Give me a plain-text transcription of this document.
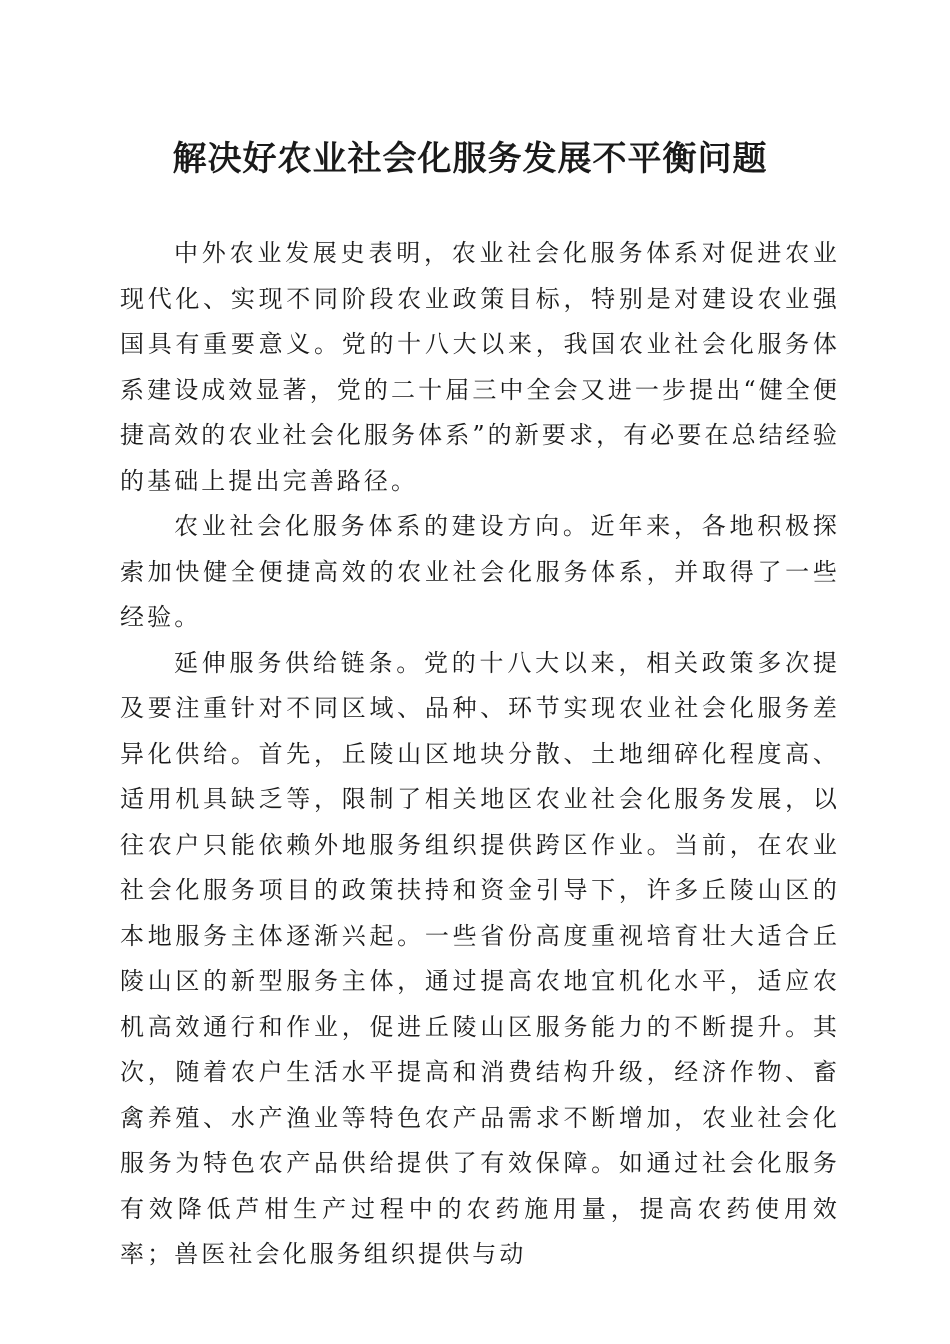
解决好农业社会化服务发展不平衡问题

中外农业发展史表明，农业社会化服务体系对促进农业现代化、实现不同阶段农业政策目标，特别是对建设农业强国具有重要意义。党的十八大以来，我国农业社会化服务体系建设成效显著，党的二十届三中全会又进一步提出“健全便捷高效的农业社会化服务体系”的新要求，有必要在总结经验的基础上提出完善路径。

农业社会化服务体系的建设方向。近年来，各地积极探索加快健全便捷高效的农业社会化服务体系，并取得了一些经验。

延伸服务供给链条。党的十八大以来，相关政策多次提及要注重针对不同区域、品种、环节实现农业社会化服务差异化供给。首先，丘陵山区地块分散、土地细碎化程度高、适用机具缺乏等，限制了相关地区农业社会化服务发展，以往农户只能依赖外地服务组织提供跨区作业。当前，在农业社会化服务项目的政策扶持和资金引导下，许多丘陵山区的本地服务主体逐渐兴起。一些省份高度重视培育壮大适合丘陵山区的新型服务主体，通过提高农地宜机化水平，适应农机高效通行和作业，促进丘陵山区服务能力的不断提升。其次，随着农户生活水平提高和消费结构升级，经济作物、畜禽养殖、水产渔业等特色农产品需求不断增加，农业社会化服务为特色农产品供给提供了有效保障。如通过社会化服务有效降低芦柑生产过程中的农药施用量，提高农药使用效率；兽医社会化服务组织提供与动
